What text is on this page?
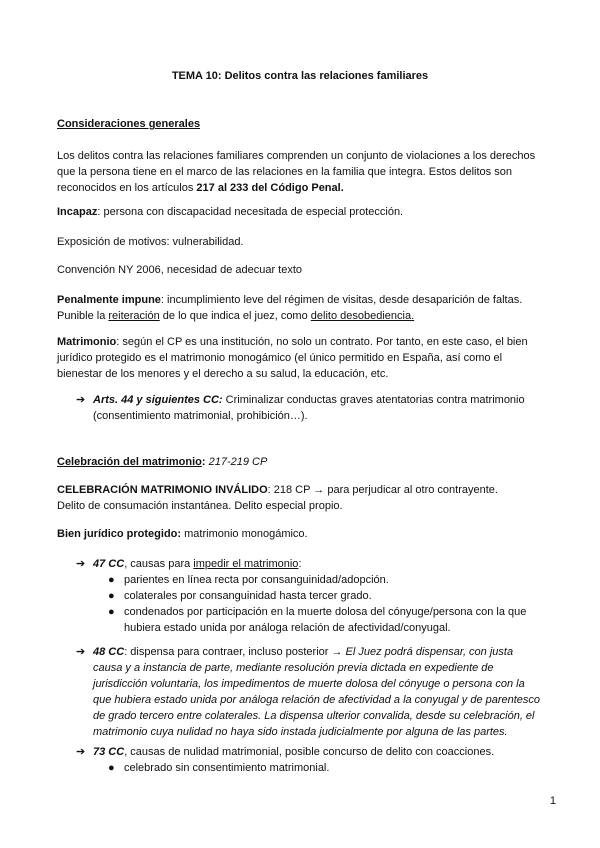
TEMA 10: Delitos contra las relaciones familiares
Consideraciones generales
Los delitos contra las relaciones familiares comprenden un conjunto de violaciones a los derechos que la persona tiene en el marco de las relaciones en la familia que integra. Estos delitos son reconocidos en los artículos 217 al 233 del Código Penal.
Incapaz: persona con discapacidad necesitada de especial protección.
Exposición de motivos: vulnerabilidad.
Convención NY 2006, necesidad de adecuar texto
Penalmente impune: incumplimiento leve del régimen de visitas, desde desaparición de faltas. Punible la reiteración de lo que indica el juez, como delito desobediencia.
Matrimonio: según el CP es una institución, no solo un contrato. Por tanto, en este caso, el bien jurídico protegido es el matrimonio monogámico (el único permitido en España, así como el bienestar de los menores y el derecho a su salud, la educación, etc.
➔ Arts. 44 y siguientes CC: Criminalizar conductas graves atentatorias contra matrimonio (consentimiento matrimonial, prohibición…).
Celebración del matrimonio: 217-219 CP
CELEBRACIÓN MATRIMONIO INVÁLIDO: 218 CP → para perjudicar al otro contrayente.
Delito de consumación instantánea. Delito especial propio.
Bien jurídico protegido: matrimonio monogámico.
➔ 47 CC, causas para impedir el matrimonio:
● parientes en línea recta por consanguinidad/adopción.
● colaterales por consanguinidad hasta tercer grado.
● condenados por participación en la muerte dolosa del cónyuge/persona con la que hubiera estado unida por análoga relación de afectividad/conyugal.
➔ 48 CC: dispensa para contraer, incluso posterior → El Juez podrá dispensar, con justa causa y a instancia de parte, mediante resolución previa dictada en expediente de jurisdicción voluntaria, los impedimentos de muerte dolosa del cónyuge o persona con la que hubiera estado unida por análoga relación de afectividad a la conyugal y de parentesco de grado tercero entre colaterales. La dispensa ulterior convalida, desde su celebración, el matrimonio cuya nulidad no haya sido instada judicialmente por alguna de las partes.
➔ 73 CC, causas de nulidad matrimonial, posible concurso de delito con coacciones.
● celebrado sin consentimiento matrimonial.
1
